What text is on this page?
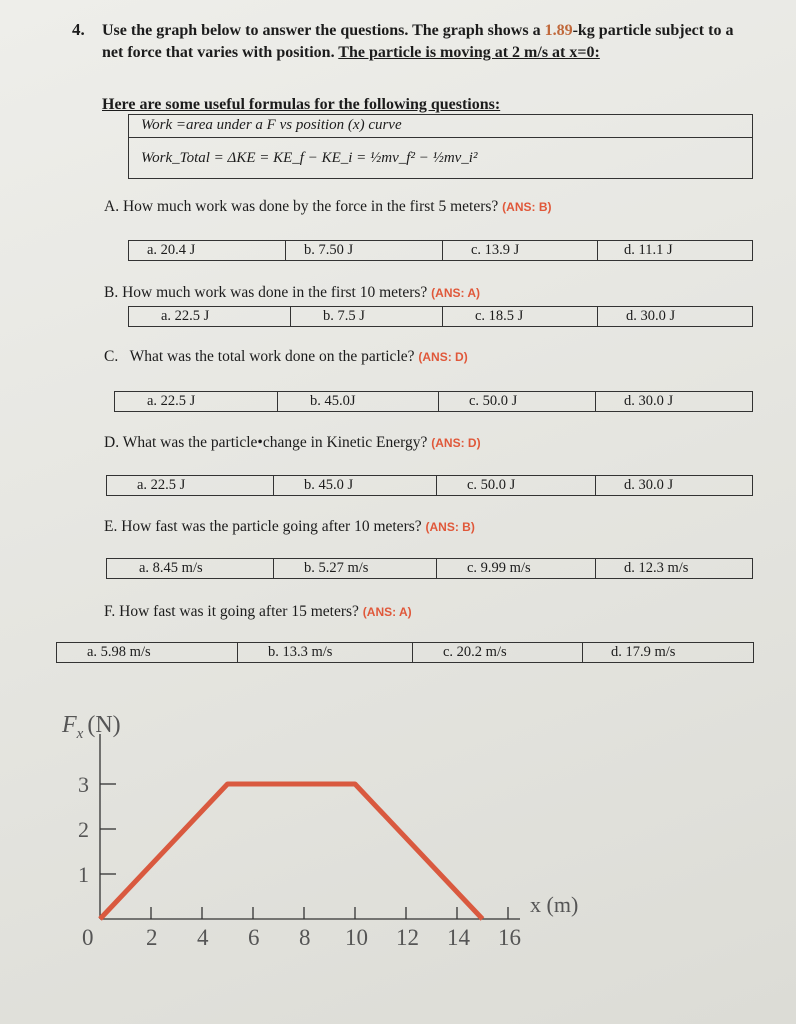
4. Use the graph below to answer the questions. The graph shows a 1.89-kg particle subject to a net force that varies with position. The particle is moving at 2 m/s at x=0:
Here are some useful formulas for the following questions:
Work =area under a F vs position (x) curve
Work_Total = ΔKE = KE_f − KE_i = ½mv_f² − ½mv_i²
A. How much work was done by the force in the first 5 meters? (ANS: B)
a. 20.4 J	b. 7.50 J	c. 13.9 J	d. 11.1 J
B. How much work was done in the first 10 meters? (ANS: A)
a. 22.5 J	b. 7.5 J	c. 18.5 J	d. 30.0 J
C. What was the total work done on the particle? (ANS: D)
a. 22.5 J	b. 45.0J	c. 50.0 J	d. 30.0 J
D. What was the particle•change in Kinetic Energy? (ANS: D)
a. 22.5 J	b. 45.0 J	c. 50.0 J	d. 30.0 J
E. How fast was the particle going after 10 meters? (ANS: B)
a. 8.45 m/s	b. 5.27 m/s	c. 9.99 m/s	d. 12.3 m/s
F. How fast was it going after 15 meters? (ANS: A)
a. 5.98 m/s	b. 13.3 m/s	c. 20.2 m/s	d. 17.9 m/s
$F_x$ (N)
x (m)
1
2
3
0 2 4 6 8 10 12 14 16
